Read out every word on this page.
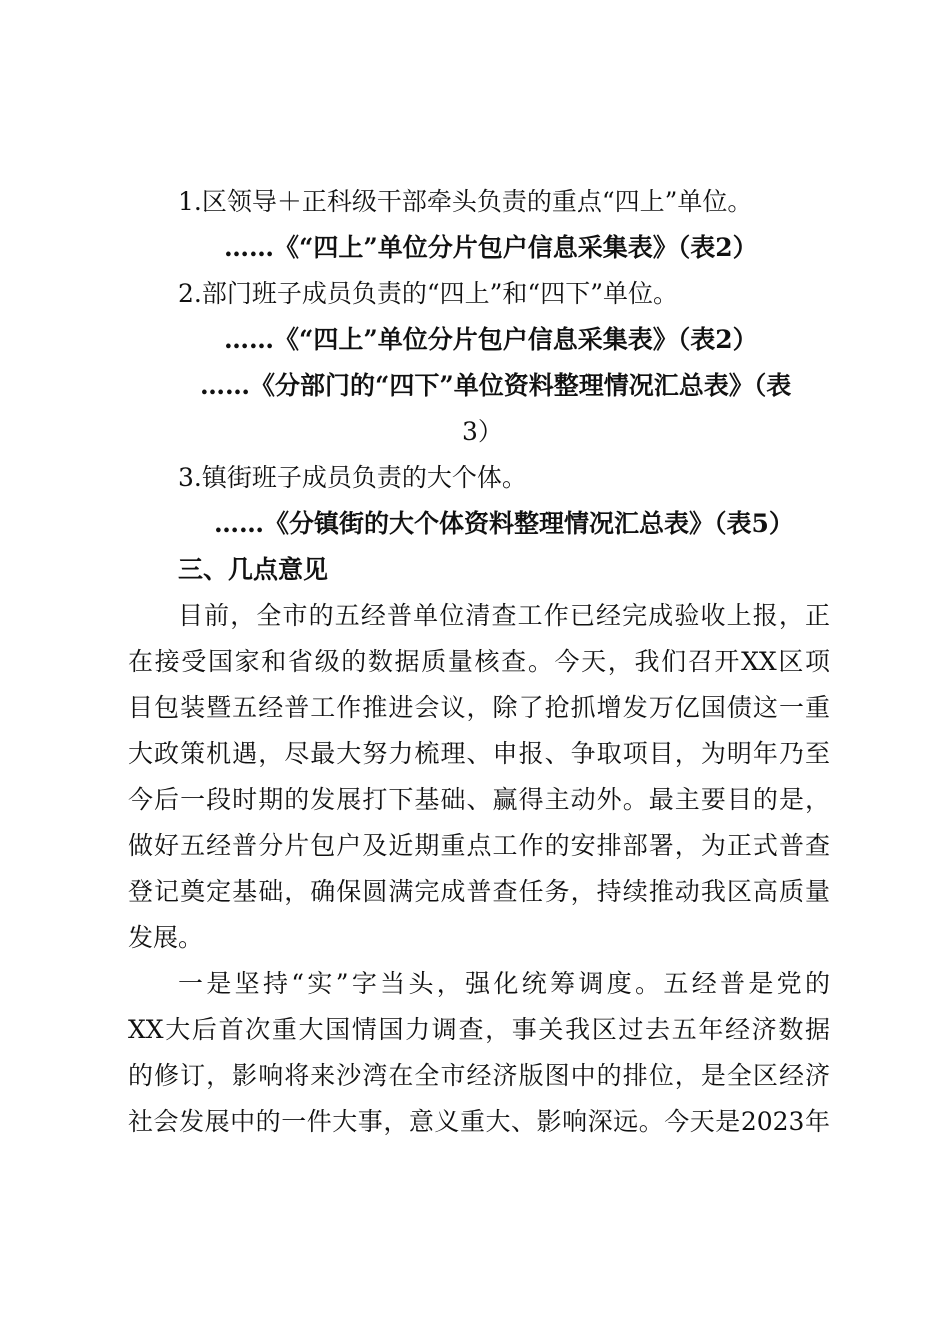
1.区领导＋正科级干部牵头负责的重点“四上”单位。
……《“四上”单位分片包户信息采集表》（表2）
2.部门班子成员负责的“四上”和“四下”单位。
……《“四上”单位分片包户信息采集表》（表2）
……《分部门的“四下”单位资料整理情况汇总表》（表
3）
3.镇街班子成员负责的大个体。
……《分镇街的大个体资料整理情况汇总表》（表5）
三、几点意见
目前，全市的五经普单位清查工作已经完成验收上报，正
在接受国家和省级的数据质量核查。今天，我们召开XX区项
目包装暨五经普工作推进会议，除了抢抓增发万亿国债这一重
大政策机遇，尽最大努力梳理、申报、争取项目，为明年乃至
今后一段时期的发展打下基础、赢得主动外。最主要目的是，
做好五经普分片包户及近期重点工作的安排部署，为正式普查
登记奠定基础，确保圆满完成普查任务，持续推动我区高质量
发展。
一是坚持“实”字当头，强化统筹调度。五经普是党的
XX大后首次重大国情国力调查，事关我区过去五年经济数据
的修订，影响将来沙湾在全市经济版图中的排位，是全区经济
社会发展中的一件大事，意义重大、影响深远。今天是2023年
